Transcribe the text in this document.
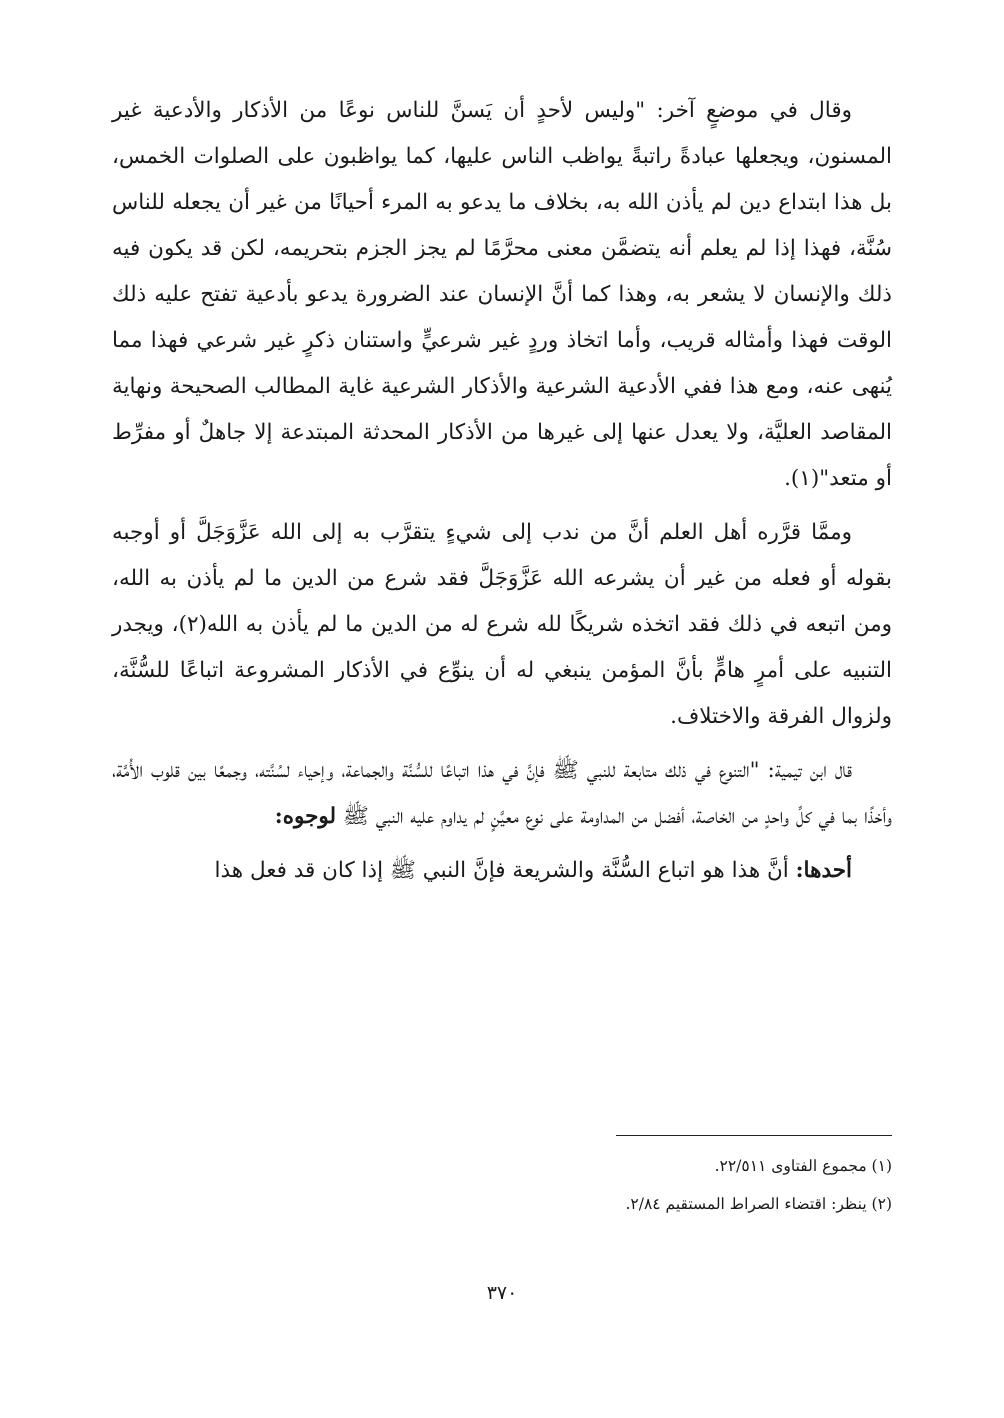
وقال في موضعٍ آخر: "وليس لأحدٍ أن يَسنَّ للناس نوعًا من الأذكار والأدعية غير المسنون، ويجعلها عبادةً راتبةً يواظب الناس عليها، كما يواظبون على الصلوات الخمس، بل هذا ابتداع دين لم يأذن الله به، بخلاف ما يدعو به المرء أحيانًا من غير أن يجعله للناس سُنَّة، فهذا إذا لم يعلم أنه يتضمَّن معنى محرَّمًا لم يجز الجزم بتحريمه، لكن قد يكون فيه ذلك والإنسان لا يشعر به، وهذا كما أنَّ الإنسان عند الضرورة يدعو بأدعية تفتح عليه ذلك الوقت فهذا وأمثاله قريب، وأما اتخاذ وردٍ غير شرعيٍّ واستنان ذكرٍ غير شرعي فهذا مما يُنهى عنه، ومع هذا ففي الأدعية الشرعية والأذكار الشرعية غاية المطالب الصحيحة ونهاية المقاصد العليَّة، ولا يعدل عنها إلى غيرها من الأذكار المحدثة المبتدعة إلا جاهلٌ أو مفرِّط أو متعد"(١).

وممَّا قرَّره أهل العلم أنَّ من ندب إلى شيءٍ يتقرَّب به إلى الله عَزَّوَجَلَّ أو أوجبه بقوله أو فعله من غير أن يشرعه الله عَزَّوَجَلَّ فقد شرع من الدين ما لم يأذن به الله، ومن اتبعه في ذلك فقد اتخذه شريكًا لله شرع له من الدين ما لم يأذن به الله(٢)، ويجدر التنبيه على أمرٍ هامٍّ بأنَّ المؤمن ينبغي له أن ينوِّع في الأذكار المشروعة اتباعًا للسُّنَّة، ولزوال الفرقة والاختلاف.

قال ابن تيمية: "التنوع في ذلك متابعة للنبي ﷺ فإنَّ في هذا اتباعًا للسُّنَّة والجماعة، وإحياء لسُنَّته، وجمعًا بين قلوب الأُمَّة، وأخذًا بما في كلِّ واحدٍ من الخاصة، أفضل من المداومة على نوع معيَّنٍ لم يداوم عليه النبي ﷺ لوجوه:

أحدها: أنَّ هذا هو اتباع السُّنَّة والشريعة فإنَّ النبي ﷺ إذا كان قد فعل هذا

(١) مجموع الفتاوى ٢٢/٥١١.
(٢) ينظر: اقتضاء الصراط المستقيم ٢/٨٤.
٣٧٠
